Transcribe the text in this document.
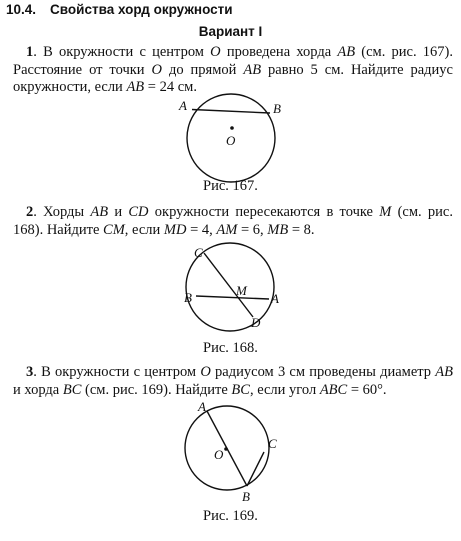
10.4. Свойства хорд окружности
Вариант I
1. В окружности с центром O проведена хорда AB (см. рис. 167). Расстояние от точки O до прямой AB равно 5 см. Найдите радиус окружности, если AB = 24 см.
A	B
O
Рис. 167.
2. Хорды AB и CD окружности пересекаются в точке M (см. рис. 168). Найдите CM, если MD = 4, AM = 6, MB = 8.
C
B	M
A
D
Рис. 168.
3. В окружности с центром O радиусом 3 см проведены диаметр AB и хорда BC (см. рис. 169). Найдите BC, если угол ABC = 60°.
A
O
C
B
Рис. 169.
